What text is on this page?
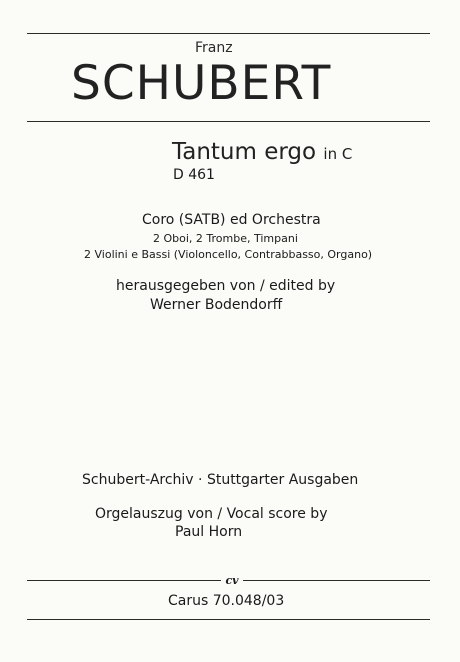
Franz
SCHUBERT
Tantum ergo in C
D 461
Coro (SATB) ed Orchestra
2 Oboi, 2 Trombe, Timpani
2 Violini e Bassi (Violoncello, Contrabbasso, Organo)
herausgegeben von / edited by
Werner Bodendorff
Schubert-Archiv · Stuttgarter Ausgaben
Orgelauszug von / Vocal score by
Paul Horn
cv
Carus 70.048/03
